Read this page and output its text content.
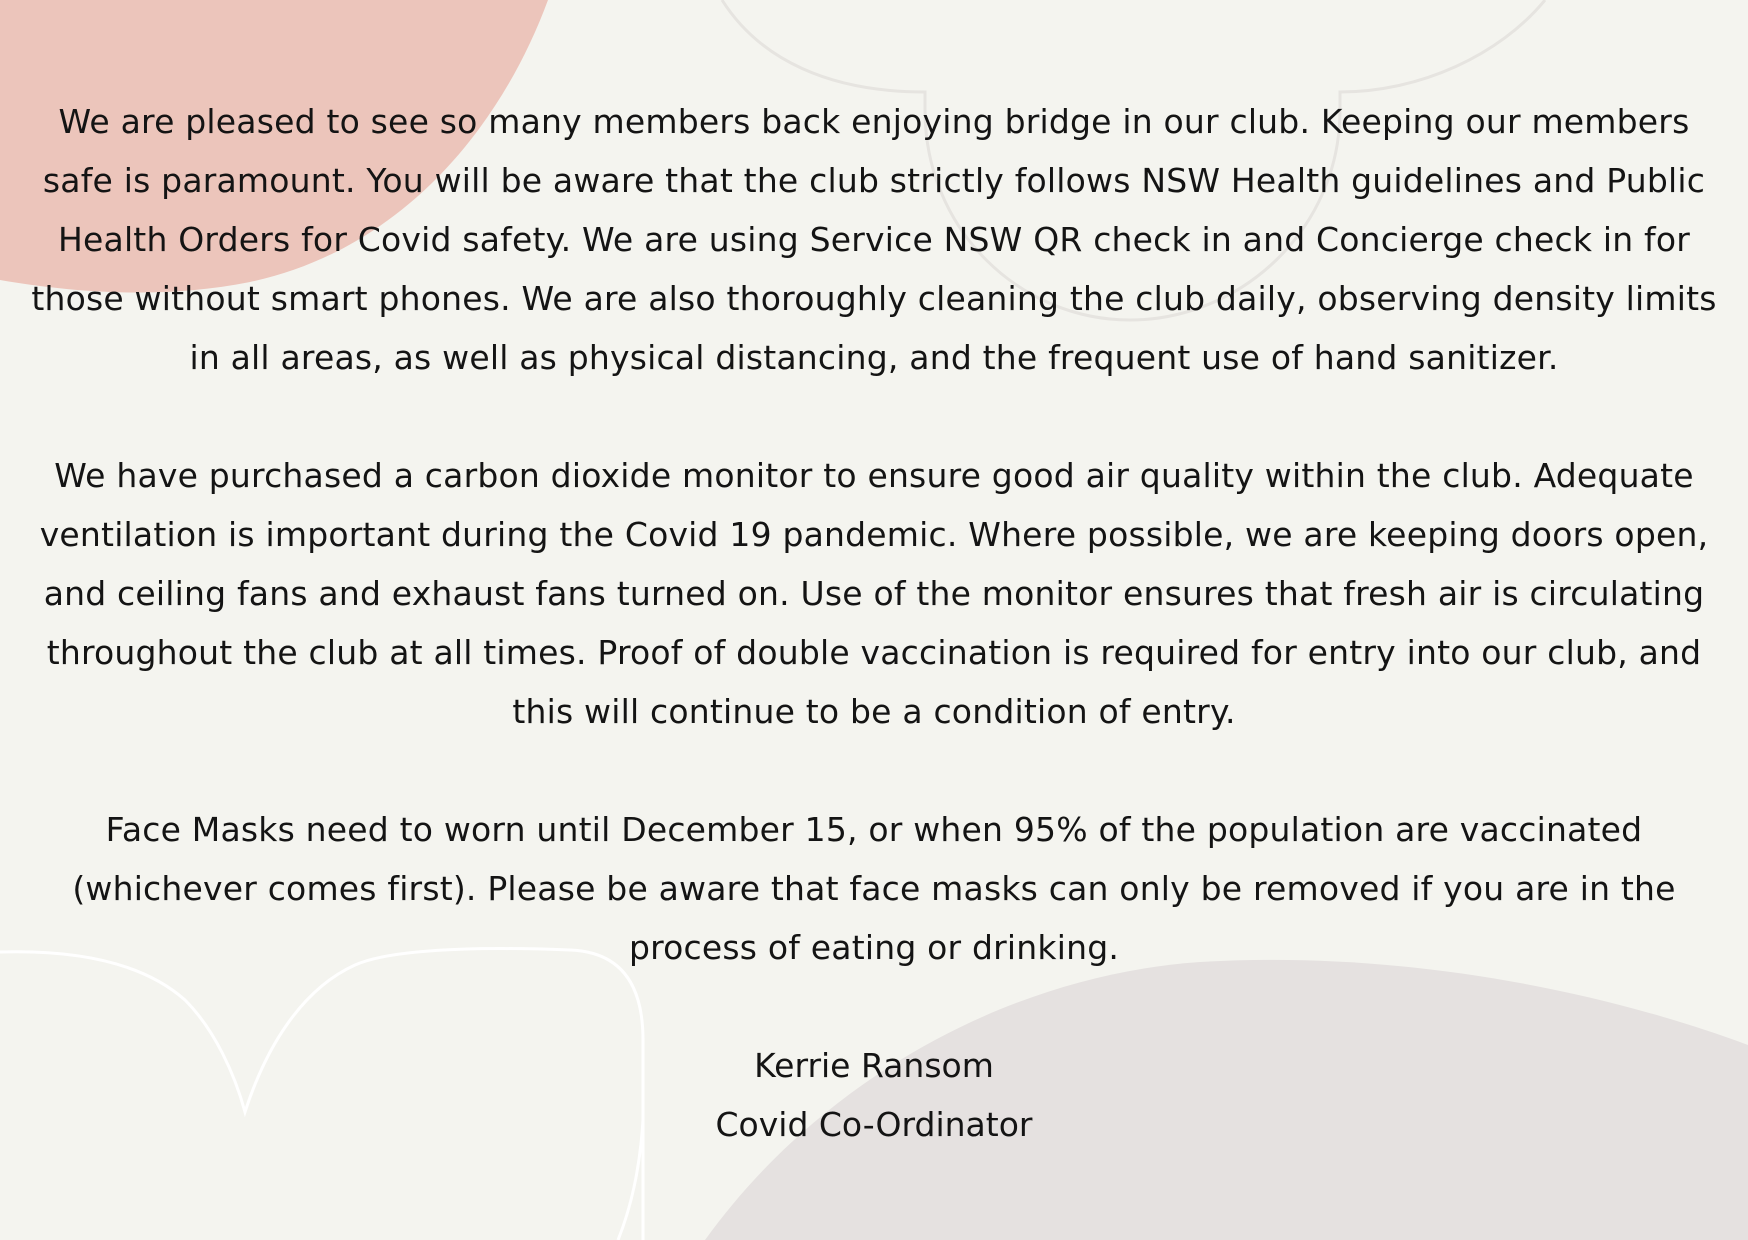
We are pleased to see so many members back enjoying bridge in our club. Keeping our members safe is paramount. You will be aware that the club strictly follows NSW Health guidelines and Public Health Orders for Covid safety. We are using Service NSW QR check in and Concierge check in for those without smart phones. We are also thoroughly cleaning the club daily, observing density limits in all areas, as well as physical distancing, and the frequent use of hand sanitizer.

We have purchased a carbon dioxide monitor to ensure good air quality within the club. Adequate ventilation is important during the Covid 19 pandemic. Where possible, we are keeping doors open, and ceiling fans and exhaust fans turned on. Use of the monitor ensures that fresh air is circulating throughout the club at all times. Proof of double vaccination is required for entry into our club, and this will continue to be a condition of entry.

Face Masks need to worn until December 15, or when 95% of the population are vaccinated (whichever comes first). Please be aware that face masks can only be removed if you are in the process of eating or drinking.

Kerrie Ransom
Covid Co-Ordinator
